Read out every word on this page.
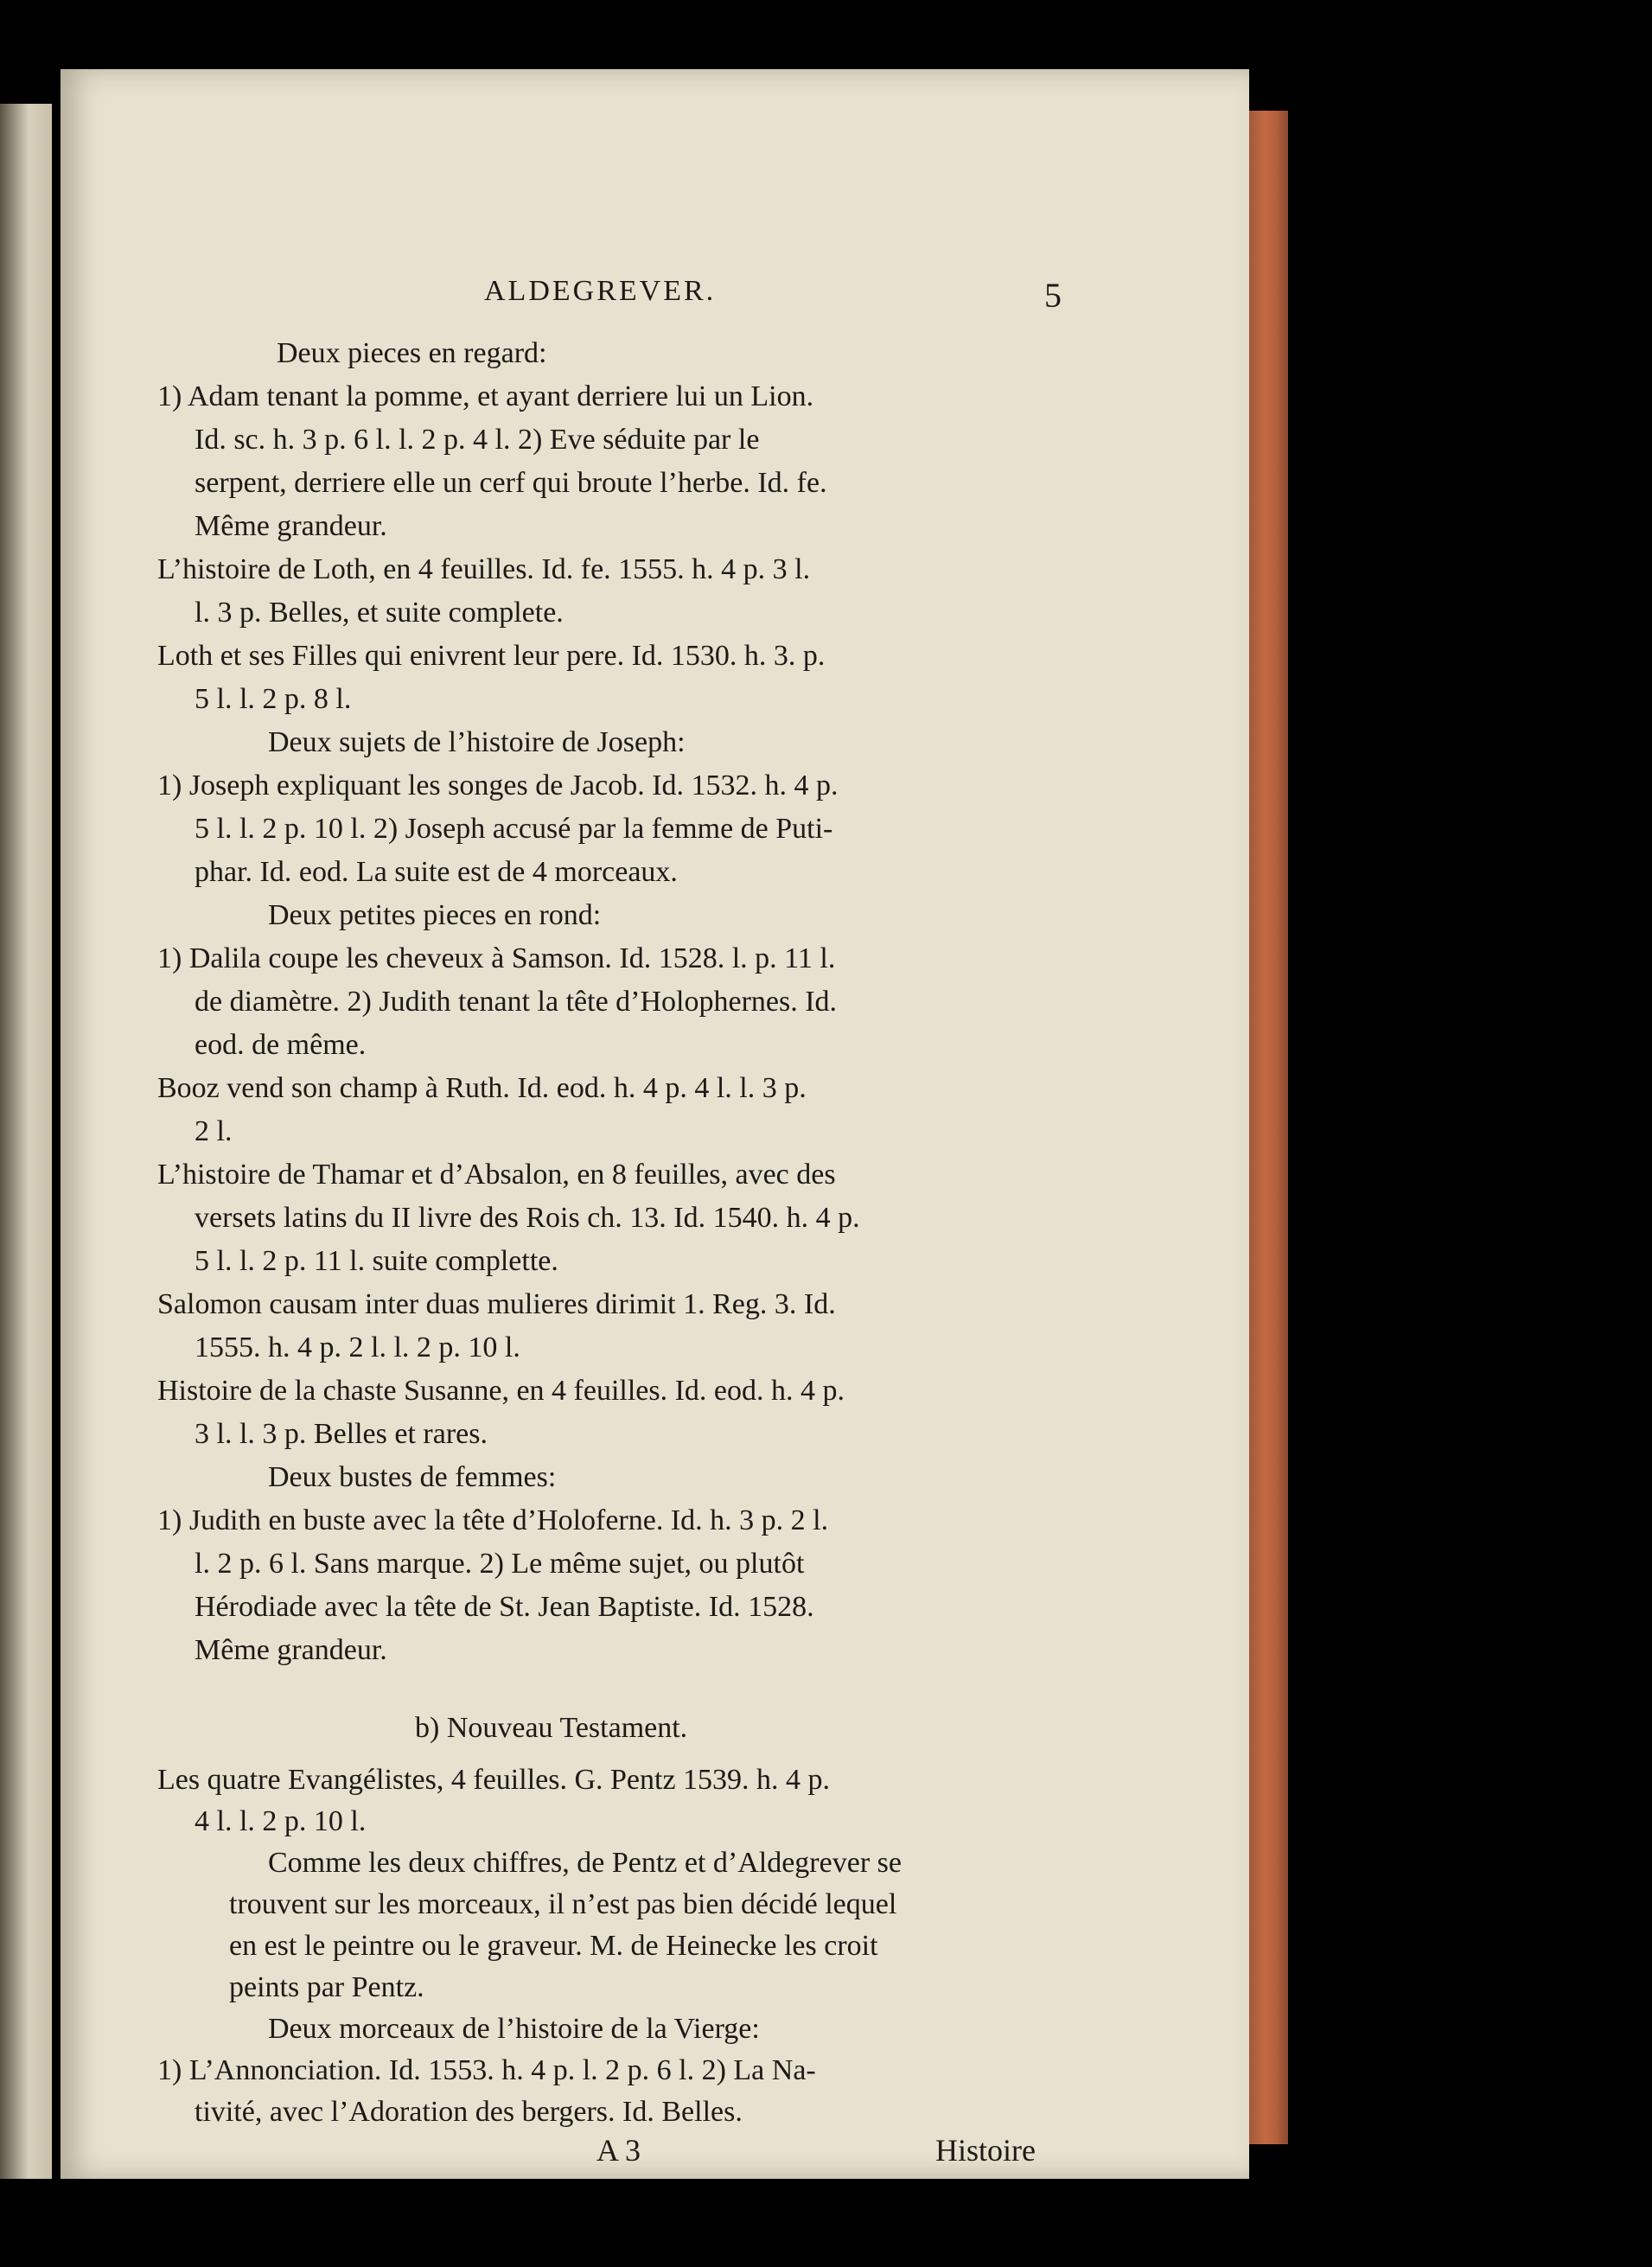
ALDEGREVER.	5
Deux pieces en regard:
1) Adam tenant la pomme, et ayant derriere lui un Lion.
Id. sc. h. 3 p. 6 l. l. 2 p. 4 l. 2) Eve séduite par le
serpent, derriere elle un cerf qui broute l’herbe. Id. fe.
Même grandeur.
L’histoire de Loth, en 4 feuilles. Id. fe. 1555. h. 4 p. 3 l.
l. 3 p. Belles, et suite complete.
Loth et ses Filles qui enivrent leur pere. Id. 1530. h. 3. p.
5 l. l. 2 p. 8 l.
Deux sujets de l’histoire de Joseph:
1) Joseph expliquant les songes de Jacob. Id. 1532. h. 4 p.
5 l. l. 2 p. 10 l. 2) Joseph accusé par la femme de Puti-
phar. Id. eod. La suite est de 4 morceaux.
Deux petites pieces en rond:
1) Dalila coupe les cheveux à Samson. Id. 1528. l. p. 11 l.
de diamètre. 2) Judith tenant la tête d’Holophernes. Id.
eod. de même.
Booz vend son champ à Ruth. Id. eod. h. 4 p. 4 l. l. 3 p.
2 l.
L’histoire de Thamar et d’Absalon, en 8 feuilles, avec des
versets latins du II livre des Rois ch. 13. Id. 1540. h. 4 p.
5 l. l. 2 p. 11 l. suite complette.
Salomon causam inter duas mulieres dirimit 1. Reg. 3. Id.
1555. h. 4 p. 2 l. l. 2 p. 10 l.
Histoire de la chaste Susanne, en 4 feuilles. Id. eod. h. 4 p.
3 l. l. 3 p. Belles et rares.
Deux bustes de femmes:
1) Judith en buste avec la tête d’Holoferne. Id. h. 3 p. 2 l.
l. 2 p. 6 l. Sans marque. 2) Le même sujet, ou plutôt
Hérodiade avec la tête de St. Jean Baptiste. Id. 1528.
Même grandeur.
b) Nouveau Testament.
Les quatre Evangélistes, 4 feuilles. G. Pentz 1539. h. 4 p.
4 l. l. 2 p. 10 l.
Comme les deux chiffres, de Pentz et d’Aldegrever se
trouvent sur les morceaux, il n’est pas bien décidé lequel
en est le peintre ou le graveur. M. de Heinecke les croit
peints par Pentz.
Deux morceaux de l’histoire de la Vierge:
1) L’Annonciation. Id. 1553. h. 4 p. l. 2 p. 6 l. 2) La Na-
tivité, avec l’Adoration des bergers. Id. Belles.
A 3	Histoire
